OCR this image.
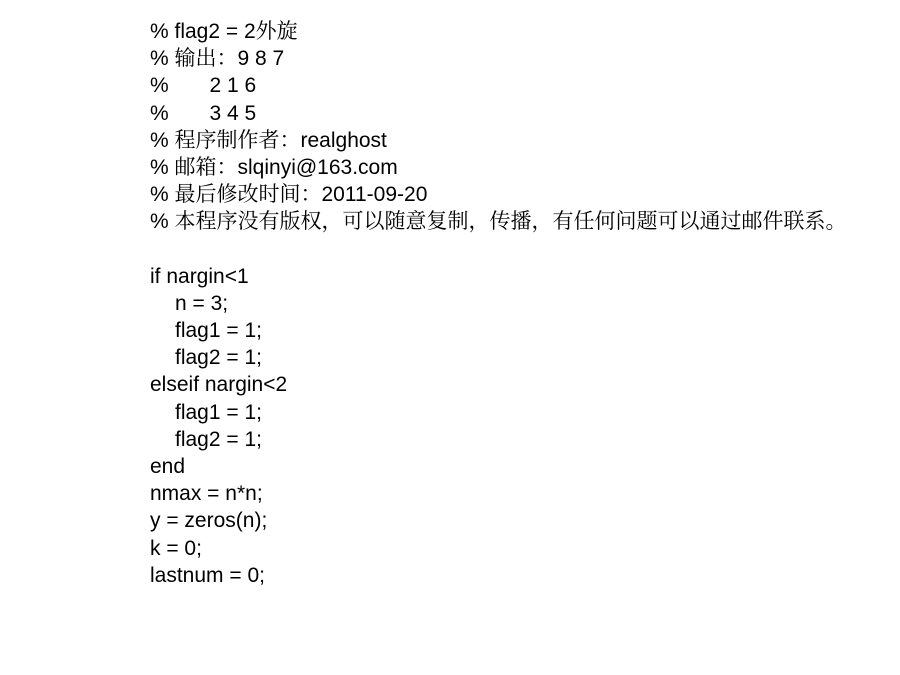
% flag2 = 2外旋
% 输出：9 8 7
%       2 1 6
%       3 4 5
% 程序制作者：realghost
% 邮箱：slqinyi@163.com
% 最后修改时间：2011-09-20
% 本程序没有版权，可以随意复制，传播，有任何问题可以通过邮件联系。
if nargin<1
n = 3;
flag1 = 1;
flag2 = 1;
elseif nargin<2
flag1 = 1;
flag2 = 1;
end
nmax = n*n;
y = zeros(n);
k = 0;
lastnum = 0;
